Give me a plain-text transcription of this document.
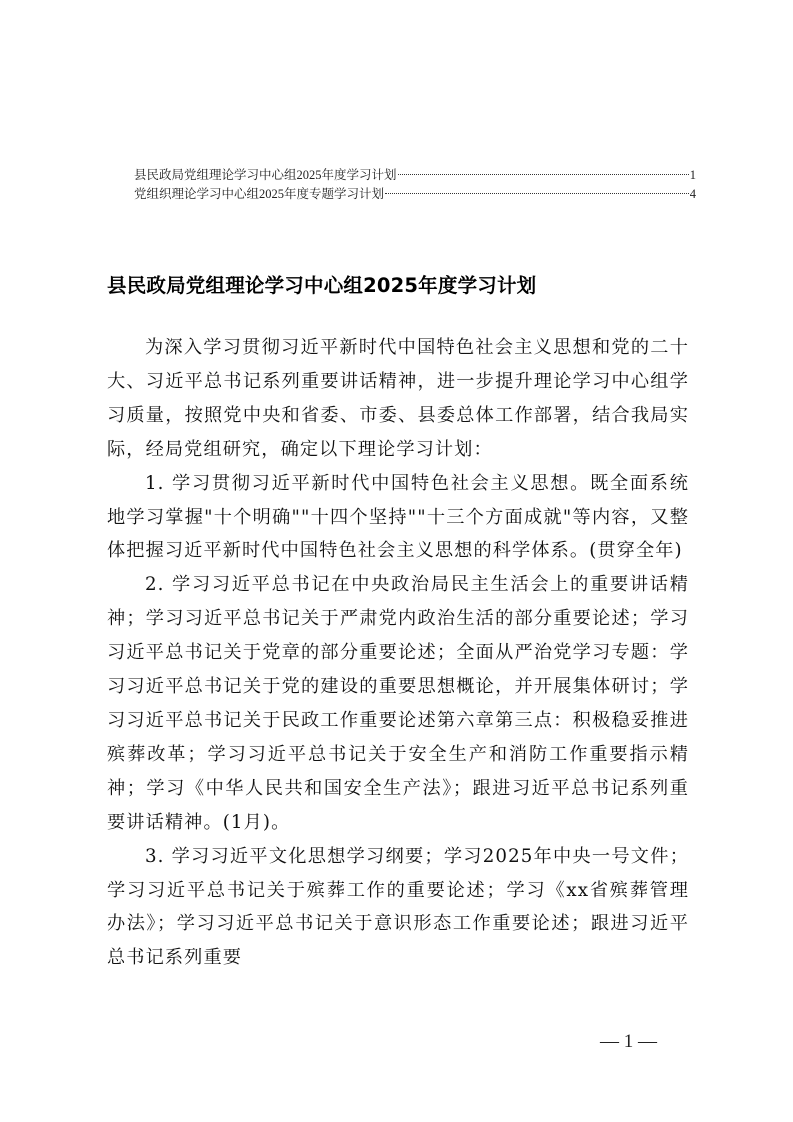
县民政局党组理论学习中心组2025年度学习计划	1
党组织理论学习中心组2025年度专题学习计划	4
县民政局党组理论学习中心组2025年度学习计划

为深入学习贯彻习近平新时代中国特色社会主义思想和党的二十大、习近平总书记系列重要讲话精神，进一步提升理论学习中心组学习质量，按照党中央和省委、市委、县委总体工作部署，结合我局实际，经局党组研究，确定以下理论学习计划：

1. 学习贯彻习近平新时代中国特色社会主义思想。既全面系统地学习掌握"十个明确""十四个坚持""十三个方面成就"等内容，又整体把握习近平新时代中国特色社会主义思想的科学体系。(贯穿全年)

2. 学习习近平总书记在中央政治局民主生活会上的重要讲话精神；学习习近平总书记关于严肃党内政治生活的部分重要论述；学习习近平总书记关于党章的部分重要论述；全面从严治党学习专题：学习习近平总书记关于党的建设的重要思想概论，并开展集体研讨；学习习近平总书记关于民政工作重要论述第六章第三点：积极稳妥推进殡葬改革；学习习近平总书记关于安全生产和消防工作重要指示精神；学习《中华人民共和国安全生产法》；跟进习近平总书记系列重要讲话精神。(1月)。

3. 学习习近平文化思想学习纲要；学习2025年中央一号文件；学习习近平总书记关于殡葬工作的重要论述；学习《xx省殡葬管理办法》；学习习近平总书记关于意识形态工作重要论述；跟进习近平总书记系列重要

— 1 —
